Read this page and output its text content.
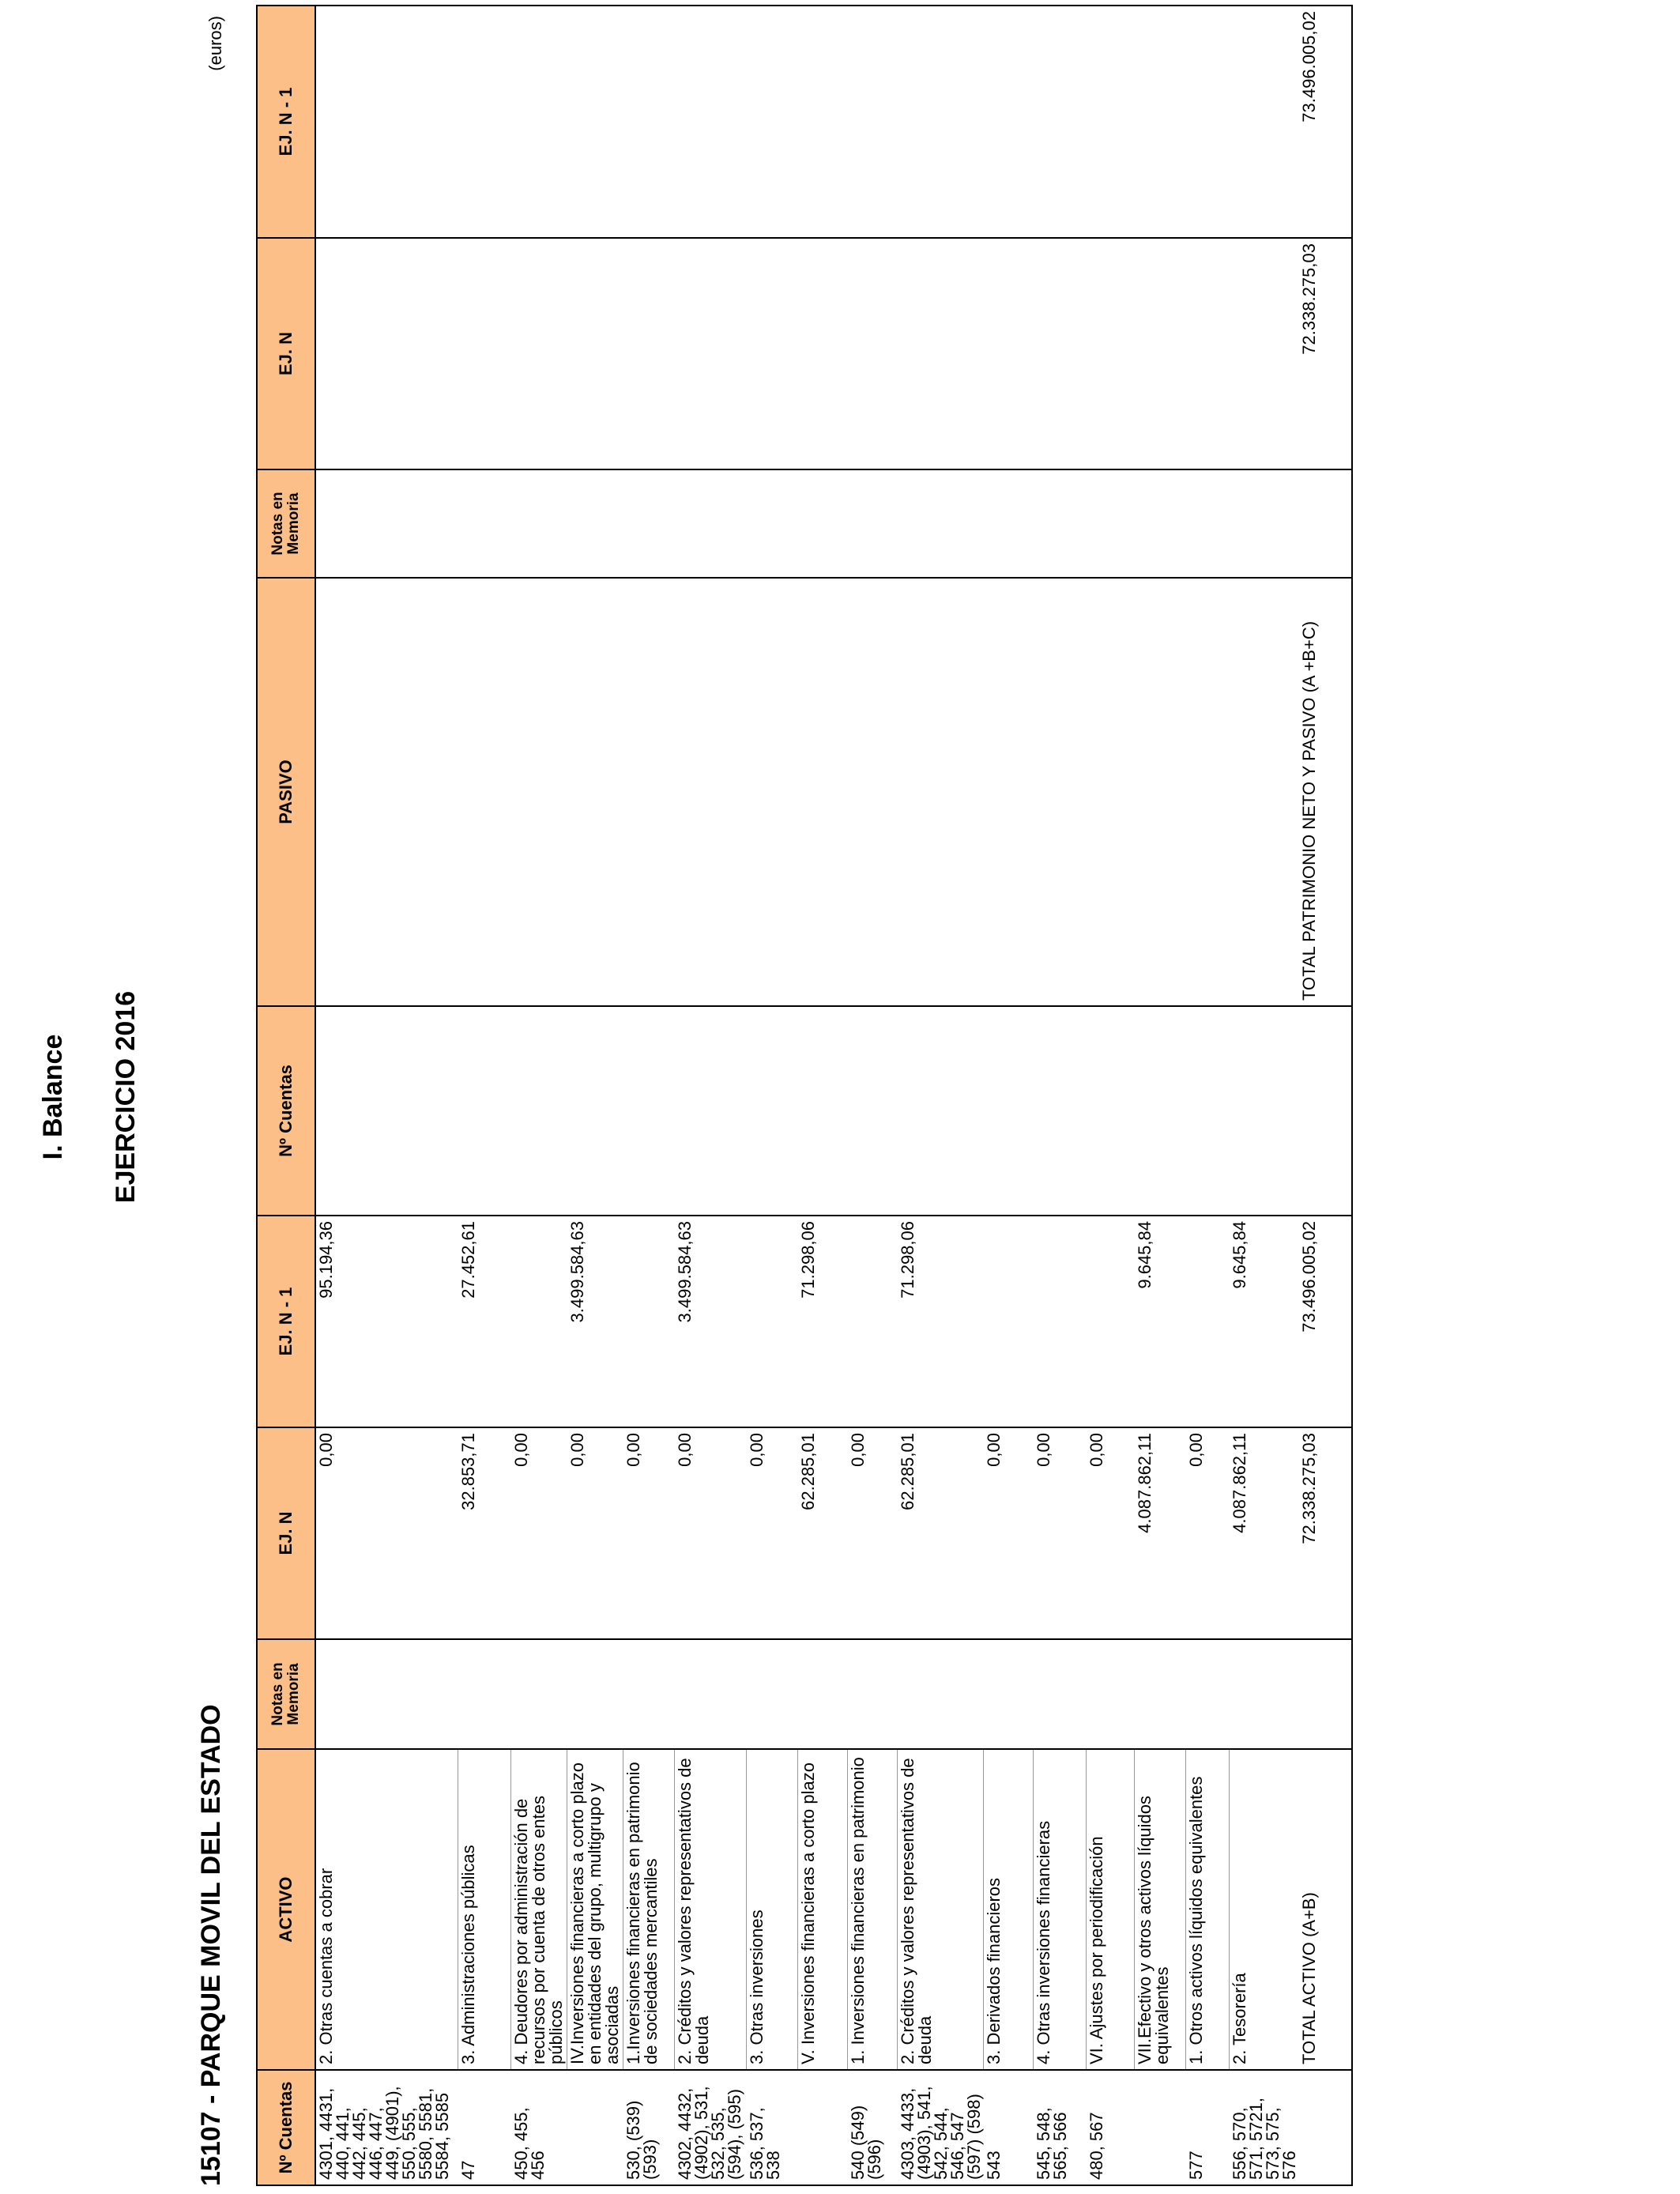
I. Balance EJERCICIO 2016
15107 - PARQUE MOVIL DEL ESTADO
(euros)
Nº Cuentas	ACTIVO	Notas en Memoria	EJ. N	EJ. N - 1	Nº Cuentas	PASIVO	Notas en Memoria	EJ. N	EJ. N - 1
4301, 4431, 440, 441, 442, 445, 446, 447, 449, (4901), 550, 555, 5580, 5581, 5584, 5585	2. Otras cuentas a cobrar		0,00	95.194,36					
47	3. Administraciones públicas		32.853,71	27.452,61					
450, 455, 456	4. Deudores por administración de recursos por cuenta de otros entes públicos		0,00						
	IV.Inversiones financieras a corto plazo en entidades del grupo, multigrupo y asociadas		0,00	3.499.584,63					
530, (539) (593)	1.Inversiones financieras en patrimonio de sociedades mercantiles		0,00						
4302, 4432, (4902), 531, 532, 535, (594), (595)	2. Créditos y valores representativos de deuda		0,00	3.499.584,63					
536, 537, 538	3. Otras inversiones		0,00						
	V. Inversiones financieras a corto plazo		62.285,01	71.298,06					
540 (549) (596)	1. Inversiones financieras en patrimonio		0,00						
4303, 4433, (4903), 541, 542, 544, 546, 547 (597) (598)	2. Créditos y valores representativos de deuda		62.285,01	71.298,06					
543	3. Derivados financieros		0,00						
545, 548, 565, 566	4. Otras inversiones financieras		0,00						
480, 567	VI. Ajustes por periodificación		0,00						
	VII.Efectivo y otros activos líquidos equivalentes		4.087.862,11	9.645,84					
577	1. Otros activos líquidos equivalentes		0,00						
556, 570, 571, 5721, 573, 575, 576	2. Tesorería		4.087.862,11	9.645,84					
	TOTAL ACTIVO (A+B)		72.338.275,03	73.496.005,02		TOTAL PATRIMONIO NETO Y PASIVO (A +B+C)		72.338.275,03	73.496.005,02
